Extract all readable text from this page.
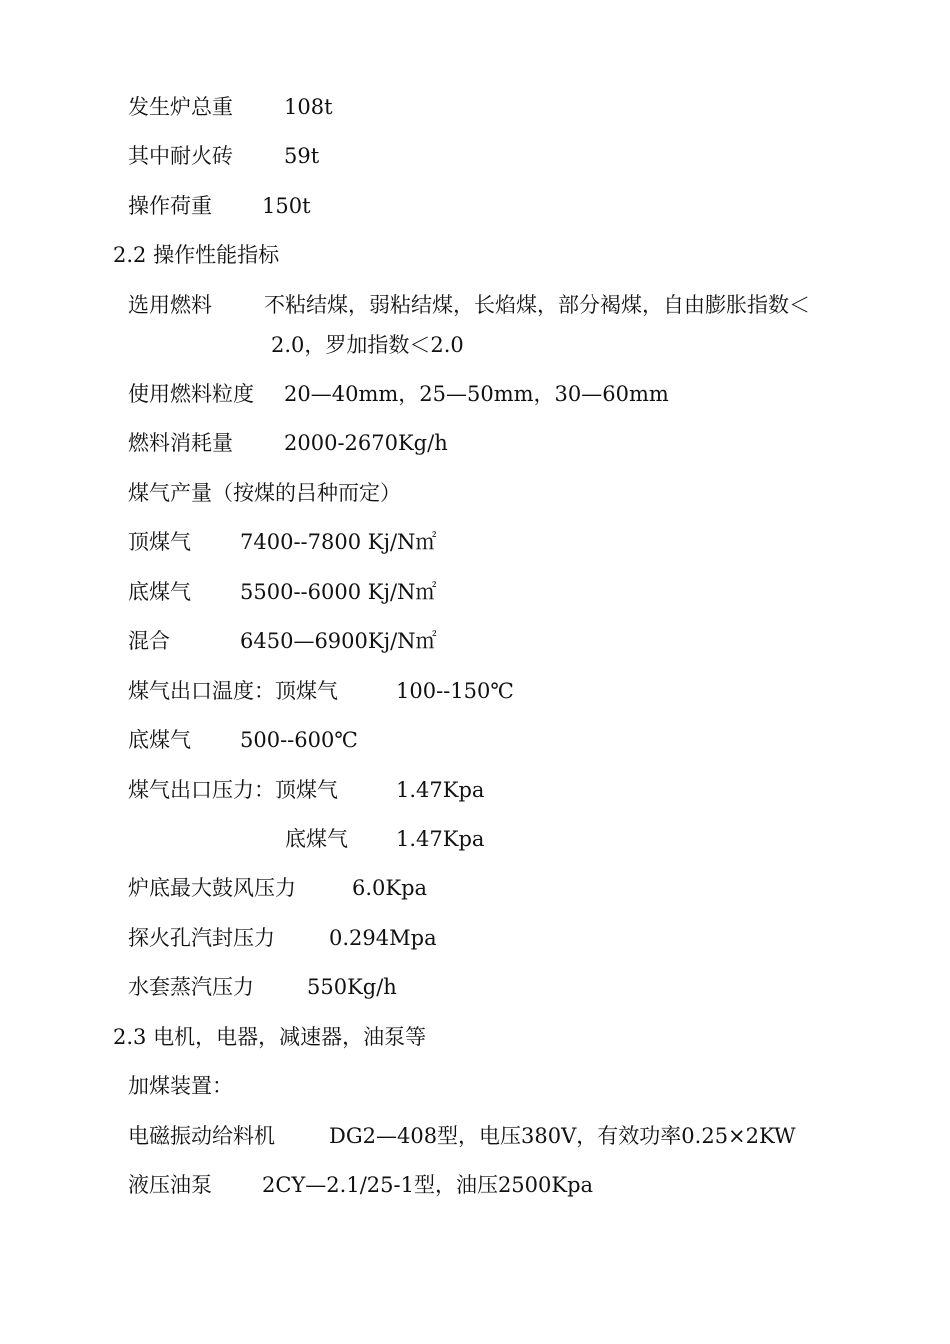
发生炉总重 108t
其中耐火砖 59t
操作荷重 150t
2.2 操作性能指标
选用燃料 不粘结煤，弱粘结煤，长焰煤，部分褐煤，自由膨胀指数＜
2.0，罗加指数＜2.0
使用燃料粒度 20—40mm，25—50mm，30—60mm
燃料消耗量 2000-2670Kg/h
煤气产量（按煤的吕种而定）
顶煤气 7400--7800 Kj/N㎡
底煤气 5500--6000 Kj/N㎡
混合	6450—6900Kj/N㎡
煤气出口温度：顶煤气	100--150℃
底煤气 500--600℃
煤气出口压力：顶煤气	1.47Kpa
底煤气 1.47Kpa
炉底最大鼓风压力	6.0Kpa
探火孔汽封压力	0.294Mpa
水套蒸汽压力	550Kg/h
2.3 电机，电器，减速器，油泵等
加煤装置：
电磁振动给料机	DG2—408型，电压380V，有效功率0.25×2KW
液压油泵 2CY—2.1/25-1型，油压2500Kpa
